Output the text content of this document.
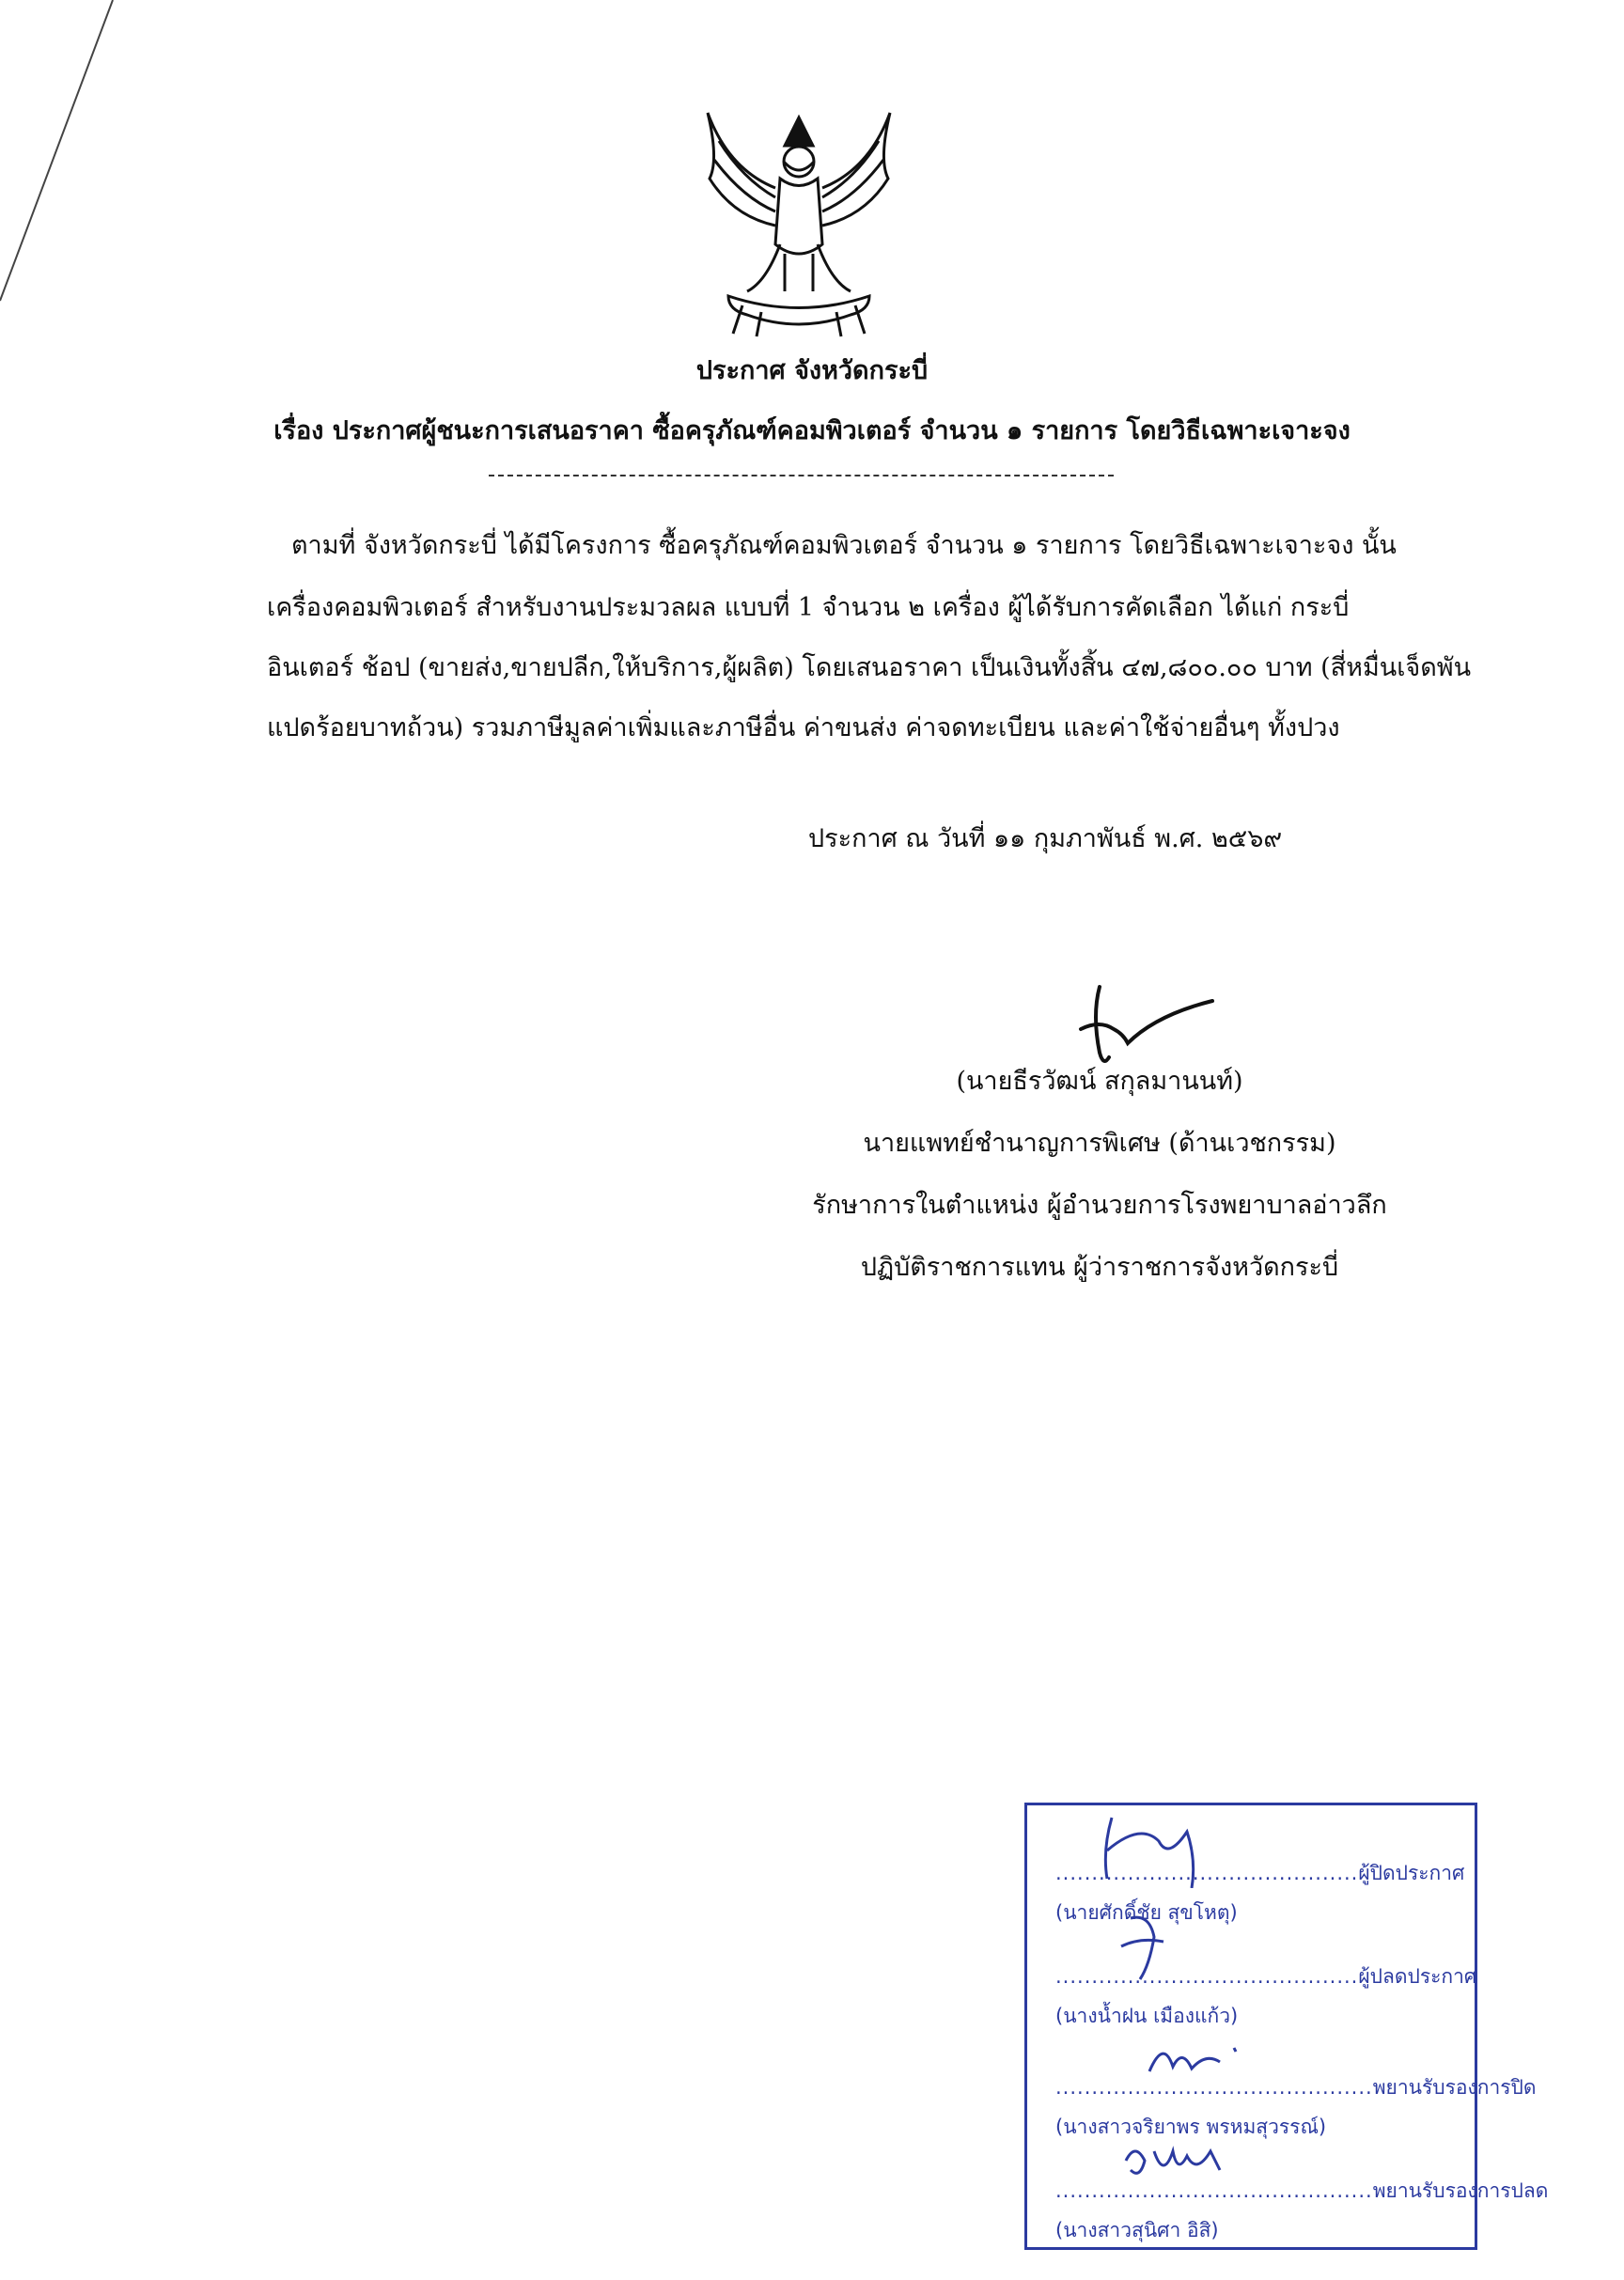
ประกาศ จังหวัดกระบี่
เรื่อง ประกาศผู้ชนะการเสนอราคา ซื้อครุภัณฑ์คอมพิวเตอร์ จำนวน ๑ รายการ โดยวิธีเฉพาะเจาะจง
ตามที่ จังหวัดกระบี่ ได้มีโครงการ ซื้อครุภัณฑ์คอมพิวเตอร์ จำนวน ๑ รายการ โดยวิธีเฉพาะเจาะจง นั้น
เครื่องคอมพิวเตอร์ สำหรับงานประมวลผล แบบที่ 1 จำนวน ๒ เครื่อง ผู้ได้รับการคัดเลือก ได้แก่ กระบี่
อินเตอร์ ช้อป (ขายส่ง,ขายปลีก,ให้บริการ,ผู้ผลิต) โดยเสนอราคา เป็นเงินทั้งสิ้น ๔๗,๘๐๐.๐๐ บาท (สี่หมื่นเจ็ดพัน
แปดร้อยบาทถ้วน) รวมภาษีมูลค่าเพิ่มและภาษีอื่น ค่าขนส่ง ค่าจดทะเบียน และค่าใช้จ่ายอื่นๆ ทั้งปวง
ประกาศ ณ วันที่ ๑๑ กุมภาพันธ์ พ.ศ. ๒๕๖๙
(นายธีรวัฒน์ สกุลมานนท์)
นายแพทย์ชำนาญการพิเศษ (ด้านเวชกรรม)
รักษาการในตำแหน่ง ผู้อำนวยการโรงพยาบาลอ่าวลึก
ปฏิบัติราชการแทน ผู้ว่าราชการจังหวัดกระบี่
..........................................ผู้ปิดประกาศ
(นายศักดิ์ชัย สุขโหตุ)
..........................................ผู้ปลดประกาศ
(นางน้ำฝน เมืองแก้ว)
............................................พยานรับรองการปิด
(นางสาวจริยาพร พรหมสุวรรณ์)
............................................พยานรับรองการปลด
(นางสาวสุนิศา อิสิ)
